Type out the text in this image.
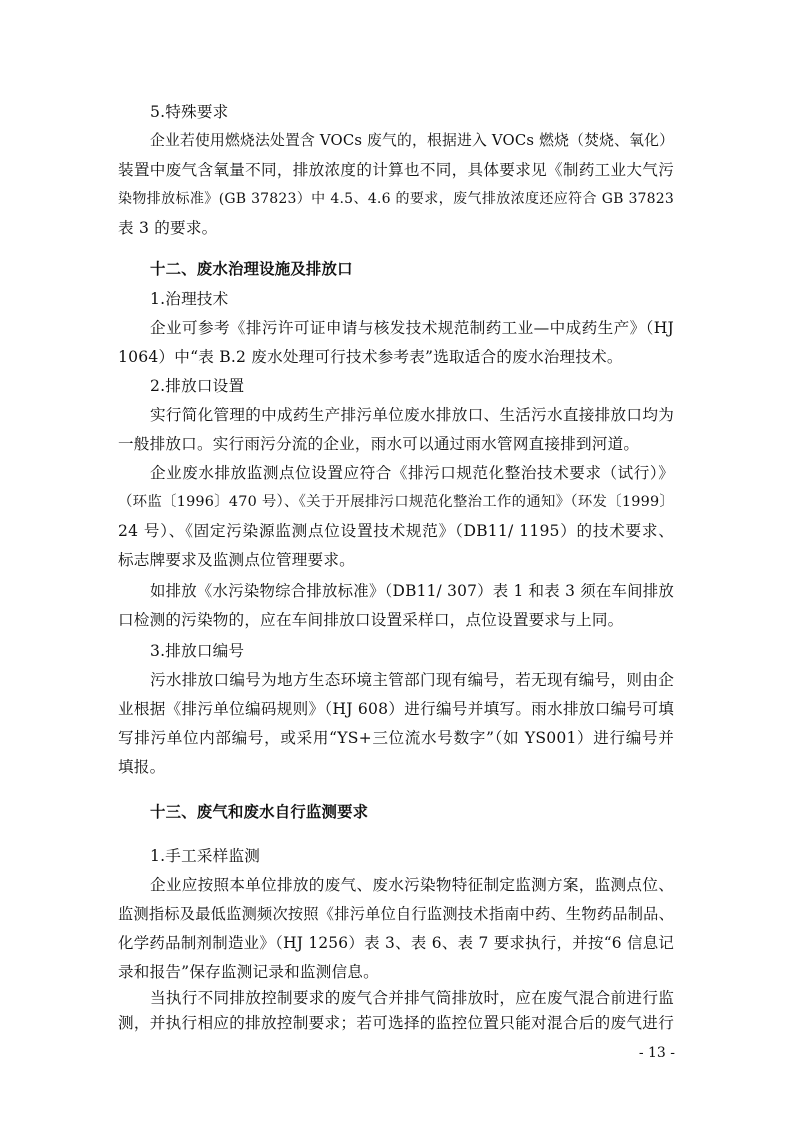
5.特殊要求
企业若使用燃烧法处置含 VOCs 废气的，根据进入 VOCs 燃烧（焚烧、氧化）
装置中废气含氧量不同，排放浓度的计算也不同，具体要求见《制药工业大气污
染物排放标准》(GB 37823）中 4.5、4.6 的要求，废气排放浓度还应符合 GB 37823
表 3 的要求。
十二、废水治理设施及排放口
1.治理技术
企业可参考《排污许可证申请与核发技术规范制药工业—中成药生产》（HJ
1064）中“表 B.2 废水处理可行技术参考表”选取适合的废水治理技术。
2.排放口设置
实行简化管理的中成药生产排污单位废水排放口、生活污水直接排放口均为
一般排放口。实行雨污分流的企业，雨水可以通过雨水管网直接排到河道。
企业废水排放监测点位设置应符合《排污口规范化整治技术要求（试行）》
（环监〔1996〕470 号）、《关于开展排污口规范化整治工作的通知》（环发〔1999〕
24 号）、《固定污染源监测点位设置技术规范》（DB11/ 1195）的技术要求、
标志牌要求及监测点位管理要求。
如排放《水污染物综合排放标准》（DB11/ 307）表 1 和表 3 须在车间排放
口检测的污染物的，应在车间排放口设置采样口，点位设置要求与上同。
3.排放口编号
污水排放口编号为地方生态环境主管部门现有编号，若无现有编号，则由企
业根据《排污单位编码规则》（HJ 608）进行编号并填写。雨水排放口编号可填
写排污单位内部编号，或采用“YS+三位流水号数字”（如 YS001）进行编号并
填报。
十三、废气和废水自行监测要求
1.手工采样监测
企业应按照本单位排放的废气、废水污染物特征制定监测方案，监测点位、
监测指标及最低监测频次按照《排污单位自行监测技术指南中药、生物药品制品、
化学药品制剂制造业》（HJ 1256）表 3、表 6、表 7 要求执行，并按“6 信息记
录和报告”保存监测记录和监测信息。
当执行不同排放控制要求的废气合并排气筒排放时，应在废气混合前进行监
测，并执行相应的排放控制要求；若可选择的监控位置只能对混合后的废气进行
- 13 -
